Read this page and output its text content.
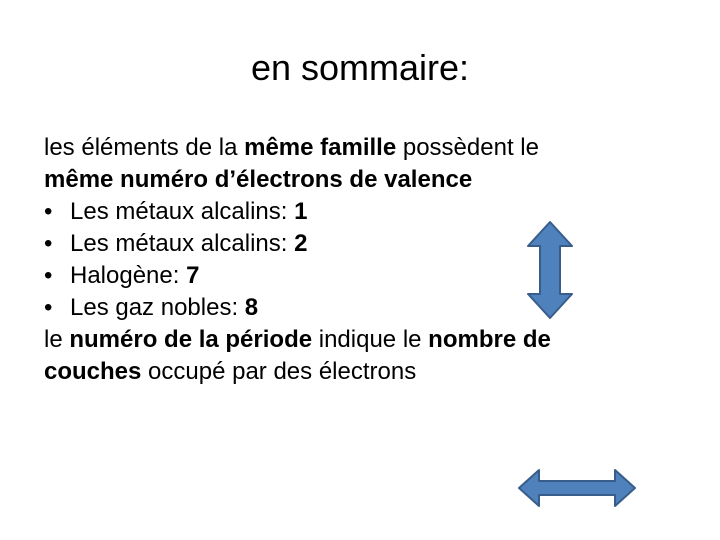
en sommaire:
les éléments de la même famille possèdent le
même numéro d’électrons de valence
• Les métaux alcalins: 1
• Les métaux alcalins: 2
• Halogène: 7
• Les gaz nobles: 8
le numéro de la période indique le nombre de
couches occupé par des électrons
